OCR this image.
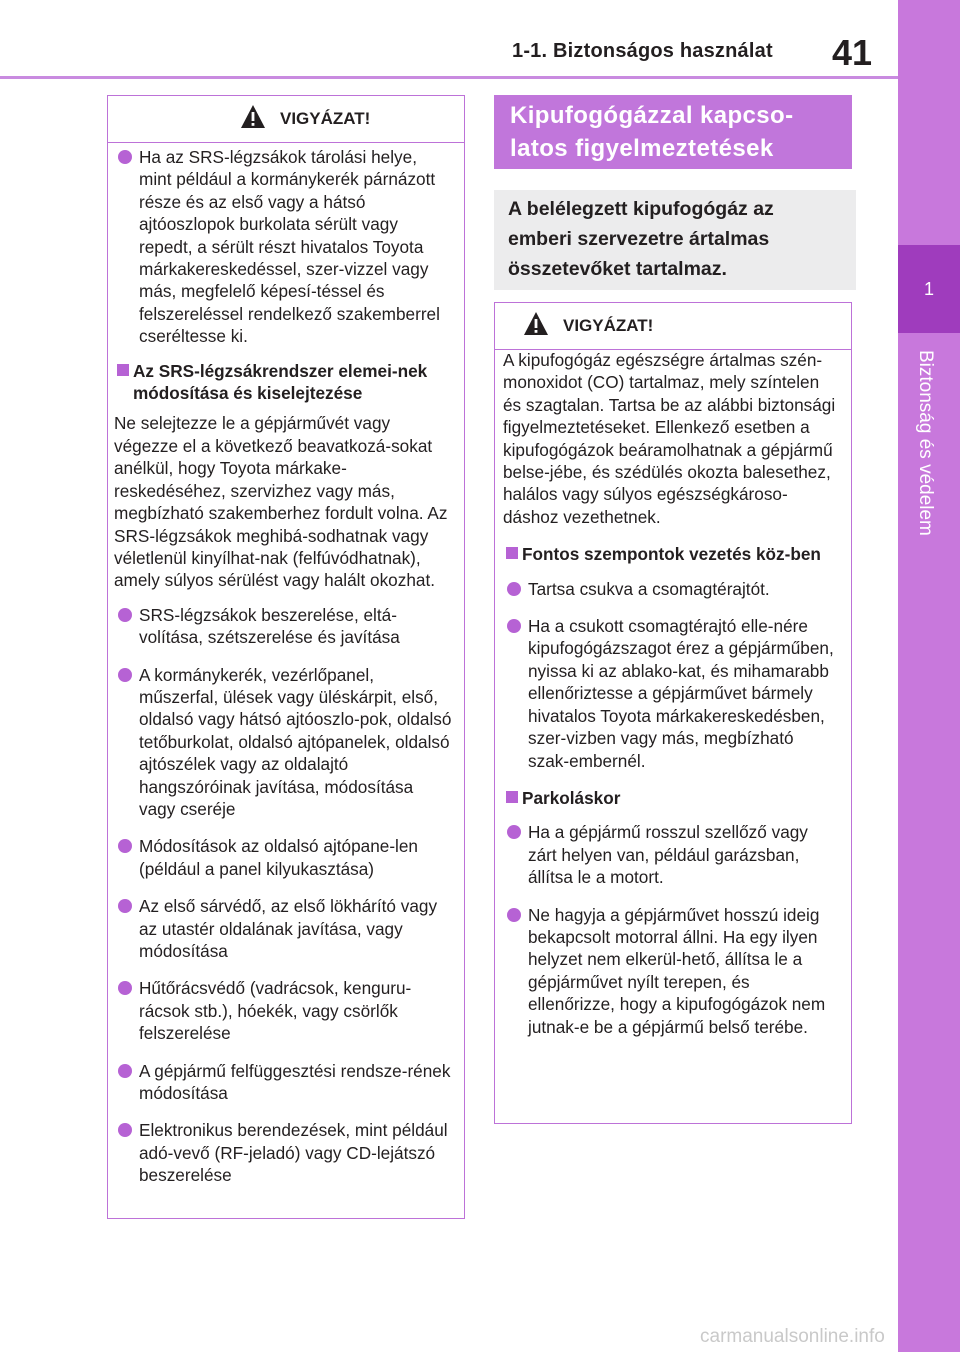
1-1. Biztonságos használat 41
1
Biztonság és védelem
VIGYÁZAT!

Ha az SRS-légzsákok tárolási helye, mint például a kormánykerék párnázott része és az első vagy a hátsó ajtóoszlopok burkolata sérült vagy repedt, a sérült részt hivatalos Toyota márkakereskedéssel, szer-vizzel vagy más, megfelelő képesí-téssel és felszereléssel rendelkező szakemberrel cseréltesse ki.

Az SRS-légzsákrendszer elemei-nek módosítása és kiselejtezése

Ne selejtezze le a gépjárművét vagy végezze el a következő beavatkozá-sokat anélkül, hogy Toyota márkake-reskedéséhez, szervizhez vagy más, megbízható szakemberhez fordult volna. Az SRS-légzsákok meghibá-sodhatnak vagy véletlenül kinyílhat-nak (felfúvódhatnak), amely súlyos sérülést vagy halált okozhat.

SRS-légzsákok beszerelése, eltá-volítása, szétszerelése és javítása

A kormánykerék, vezérlőpanel, műszerfal, ülések vagy üléskárpit, első, oldalsó vagy hátsó ajtóoszlo-pok, oldalsó tetőburkolat, oldalsó ajtópanelek, oldalsó ajtószélek vagy az oldalajtó hangszóróinak javítása, módosítása vagy cseréje

Módosítások az oldalsó ajtópane-len (például a panel kilyukasztása)

Az első sárvédő, az első lökhárító vagy az utastér oldalának javítása, vagy módosítása

Hűtőrácsvédő (vadrácsok, kenguru-rácsok stb.), hóekék, vagy csörlők felszerelése

A gépjármű felfüggesztési rendsze-rének módosítása

Elektronikus berendezések, mint például adó-vevő (RF-jeladó) vagy CD-lejátszó beszerelése

Kipufogógázzal kapcso-latos figyelmeztetések
A belélegzett kipufogógáz az emberi szervezetre ártalmas összetevőket tartalmaz.
VIGYÁZAT!

A kipufogógáz egészségre ártalmas szén-monoxidot (CO) tartalmaz, mely színtelen és szagtalan. Tartsa be az alábbi biztonsági figyelmeztetéseket. Ellenkező esetben a kipufogógázok beáramolhatnak a gépjármű belse-jébe, és szédülés okozta balesethez, halálos vagy súlyos egészségkároso-dáshoz vezethetnek.

Fontos szempontok vezetés köz-ben

Tartsa csukva a csomagtérajtót.

Ha a csukott csomagtérajtó elle-nére kipufogógázszagot érez a gépjárműben, nyissa ki az ablako-kat, és mihamarabb ellenőriztesse a gépjárművet bármely hivatalos Toyota márkakereskedésben, szer-vizben vagy más, megbízható szak-embernél.

Parkoláskor

Ha a gépjármű rosszul szellőző vagy zárt helyen van, például garázsban, állítsa le a motort.

Ne hagyja a gépjárművet hosszú ideig bekapcsolt motorral állni. Ha egy ilyen helyzet nem elkerül-hető, állítsa le a gépjárművet nyílt terepen, és ellenőrizze, hogy a kipufogógázok nem jutnak-e be a gépjármű belső terébe.

carmanualsonline.info
